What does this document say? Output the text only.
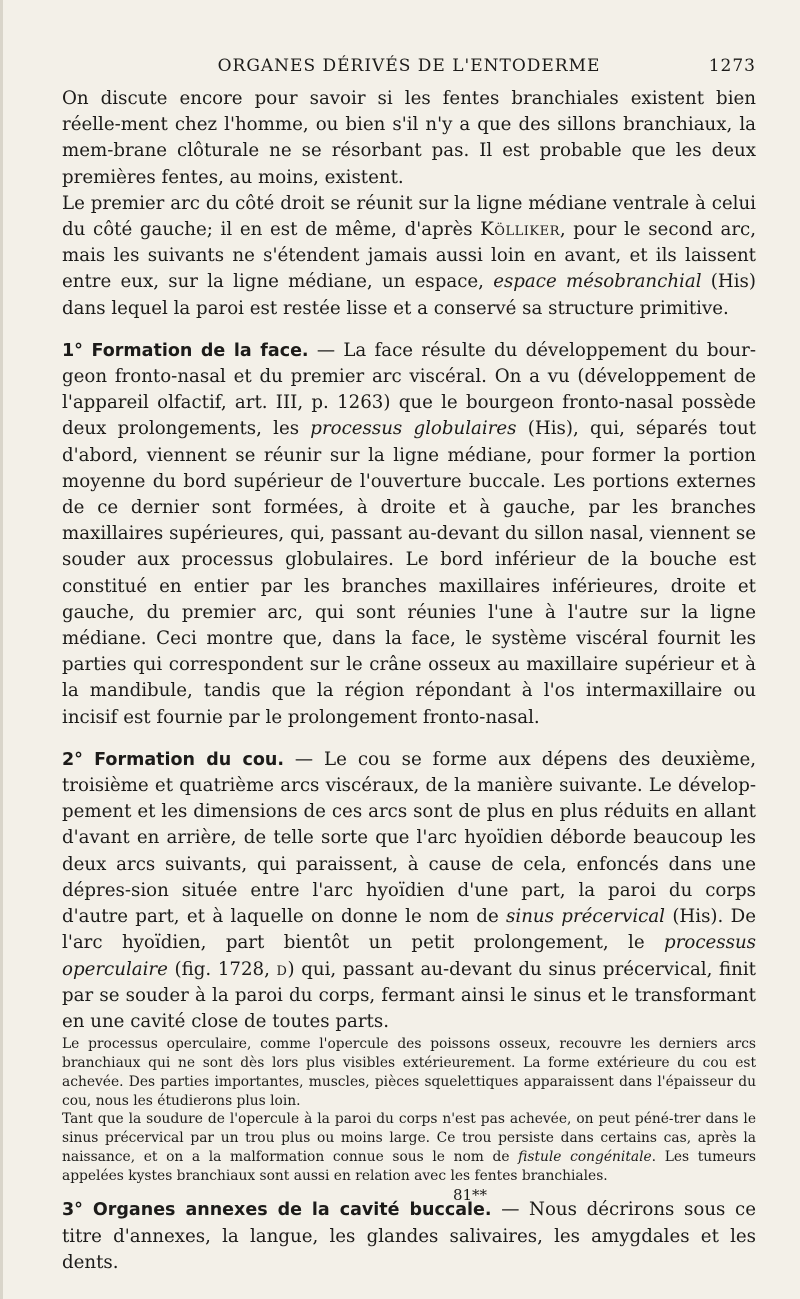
ORGANES DÉRIVÉS DE L'ENTODERME	1273

On discute encore pour savoir si les fentes branchiales existent bien réelle-ment chez l'homme, ou bien s'il n'y a que des sillons branchiaux, la mem-brane clôturale ne se résorbant pas. Il est probable que les deux premières fentes, au moins, existent.

Le premier arc du côté droit se réunit sur la ligne médiane ventrale à celui du côté gauche; il en est de même, d'après Kölliker, pour le second arc, mais les suivants ne s'étendent jamais aussi loin en avant, et ils laissent entre eux, sur la ligne médiane, un espace, espace mésobranchial (His) dans lequel la paroi est restée lisse et a conservé sa structure primitive.

1° Formation de la face. — La face résulte du développement du bour-geon fronto-nasal et du premier arc viscéral. On a vu (développement de l'appareil olfactif, art. III, p. 1263) que le bourgeon fronto-nasal possède deux prolongements, les processus globulaires (His), qui, séparés tout d'abord, viennent se réunir sur la ligne médiane, pour former la portion moyenne du bord supérieur de l'ouverture buccale. Les portions externes de ce dernier sont formées, à droite et à gauche, par les branches maxillaires supérieures, qui, passant au-devant du sillon nasal, viennent se souder aux processus globulaires. Le bord inférieur de la bouche est constitué en entier par les branches maxillaires inférieures, droite et gauche, du premier arc, qui sont réunies l'une à l'autre sur la ligne médiane. Ceci montre que, dans la face, le système viscéral fournit les parties qui correspondent sur le crâne osseux au maxillaire supérieur et à la mandibule, tandis que la région répondant à l'os intermaxillaire ou incisif est fournie par le prolongement fronto-nasal.

2° Formation du cou. — Le cou se forme aux dépens des deuxième, troisième et quatrième arcs viscéraux, de la manière suivante. Le dévelop-pement et les dimensions de ces arcs sont de plus en plus réduits en allant d'avant en arrière, de telle sorte que l'arc hyoïdien déborde beaucoup les deux arcs suivants, qui paraissent, à cause de cela, enfoncés dans une dépres-sion située entre l'arc hyoïdien d'une part, la paroi du corps d'autre part, et à laquelle on donne le nom de sinus précervical (His). De l'arc hyoïdien, part bientôt un petit prolongement, le processus operculaire (fig. 1728, d) qui, passant au-devant du sinus précervical, finit par se souder à la paroi du corps, fermant ainsi le sinus et le transformant en une cavité close de toutes parts.

Le processus operculaire, comme l'opercule des poissons osseux, recouvre les derniers arcs branchiaux qui ne sont dès lors plus visibles extérieurement. La forme extérieure du cou est achevée. Des parties importantes, muscles, pièces squelettiques apparaissent dans l'épaisseur du cou, nous les étudierons plus loin.

Tant que la soudure de l'opercule à la paroi du corps n'est pas achevée, on peut péné-trer dans le sinus précervical par un trou plus ou moins large. Ce trou persiste dans certains cas, après la naissance, et on a la malformation connue sous le nom de fistule congénitale. Les tumeurs appelées kystes branchiaux sont aussi en relation avec les fentes branchiales.

3° Organes annexes de la cavité buccale. — Nous décrirons sous ce titre d'annexes, la langue, les glandes salivaires, les amygdales et les dents.

81**
